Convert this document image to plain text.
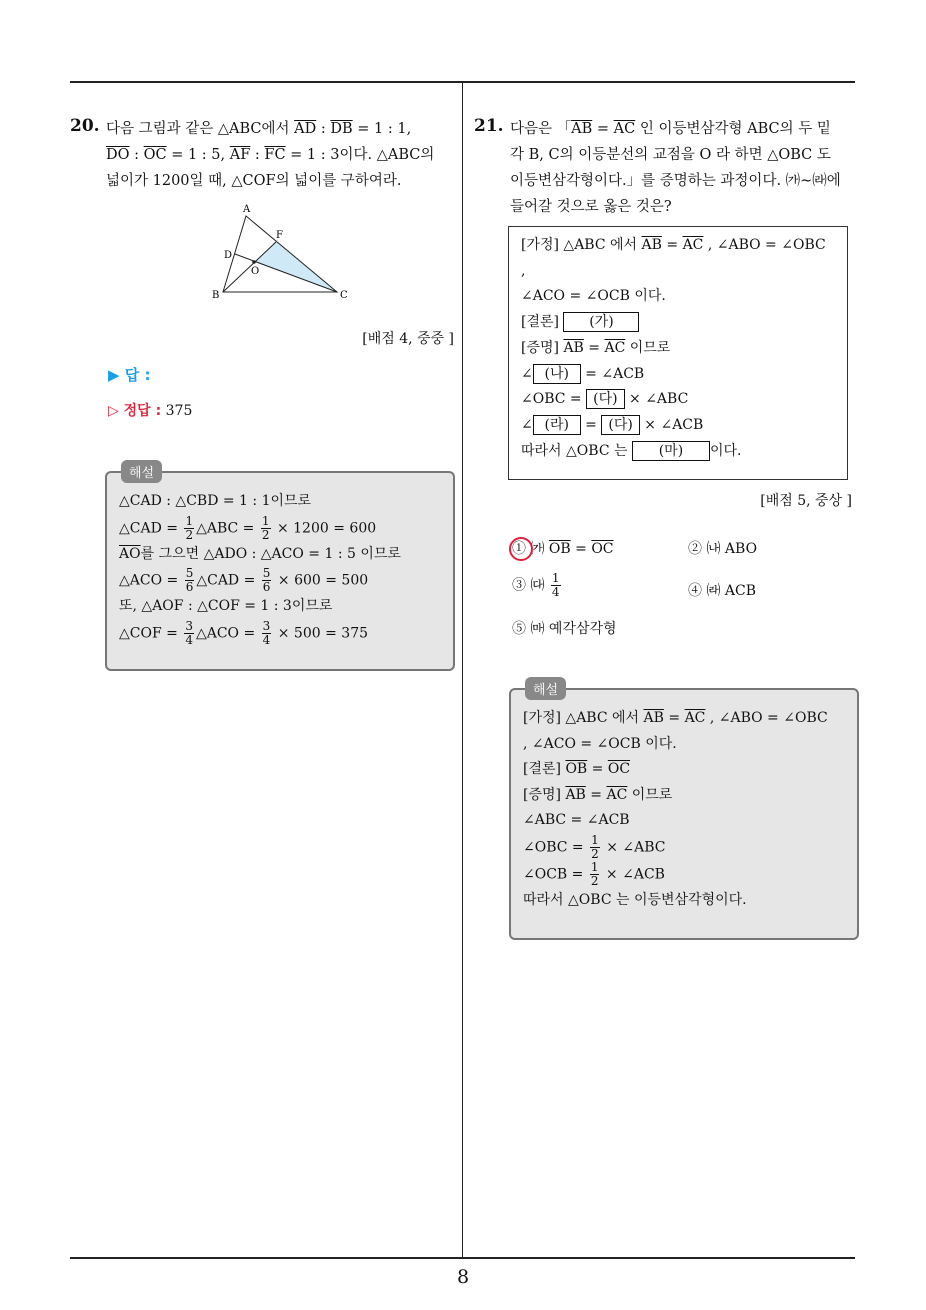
20. 다음 그림과 같은 △ABC에서 $\overline{AD}$ : $\overline{DB} = 1$ : 1,

$\overline{DO}$ : $\overline{OC} = 1$ : 5, $\overline{AF}$ : $\overline{FC} = 1$ : 3이다. △ABC의

넓이가 1200일 때, △COF의 넓이를 구하여라.

A
F
D
O
B	C
[배점 4, 중중 ]
▶ 답 :
▷ 정답 : 375
해설

△CAD : △CBD = 1 : 1이므로

△CAD = $\frac{1}{2}$ △ABC = $\frac{1}{2} \times 1200 = 600$

$\overline{AO}$를 그으면 △ADO : △ACO = 1 : 5 이므로

△ACO = $\frac{5}{6}$ △CAD = $\frac{5}{6} \times 600 = 500$

또, △AOF : △COF = 1 : 3이므로

△COF = $\frac{3}{4}$ △ACO = $\frac{3}{4} \times 500 = 375$

21. 다음은 「$\overline{AB} = \overline{AC}$ 인 이등변삼각형 ABC의 두 밑

각 B, C의 이등분선의 교점을 O 라 하면 △OBC 도

이등변삼각형이다.」를 증명하는 과정이다. ㈎∼㈑에

들어갈 것으로 옳은 것은?

[가정] △ABC 에서 $\overline{AB} = \overline{AC}$ , ∠ABO = ∠OBC

,

∠ACO = ∠OCB 이다.

[결론] (가)

[증명] $\overline{AB} = \overline{AC}$ 이므로

∠ (나) = ∠ACB

∠OBC = (다) × ∠ABC

∠ (라) = (다) × ∠ACB

따라서 △OBC 는 (마) 이다.

[배점 5, 중상 ]
① ㈎ $\overline{OB} = \overline{OC}$	② ㈏ ABO
③ ㈐ $\frac{1}{4}$	④ ㈑ ACB
⑤ ㈒ 예각삼각형
해설

[가정] △ABC 에서 $\overline{AB} = \overline{AC}$ , ∠ABO = ∠OBC

, ∠ACO = ∠OCB 이다.

[결론] $\overline{OB} = \overline{OC}$

[증명] $\overline{AB} = \overline{AC}$ 이므로

∠ABC = ∠ACB

∠OBC = $\frac{1}{2}$ × ∠ABC

∠OCB = $\frac{1}{2}$ × ∠ACB

따라서 △OBC 는 이등변삼각형이다.

8
